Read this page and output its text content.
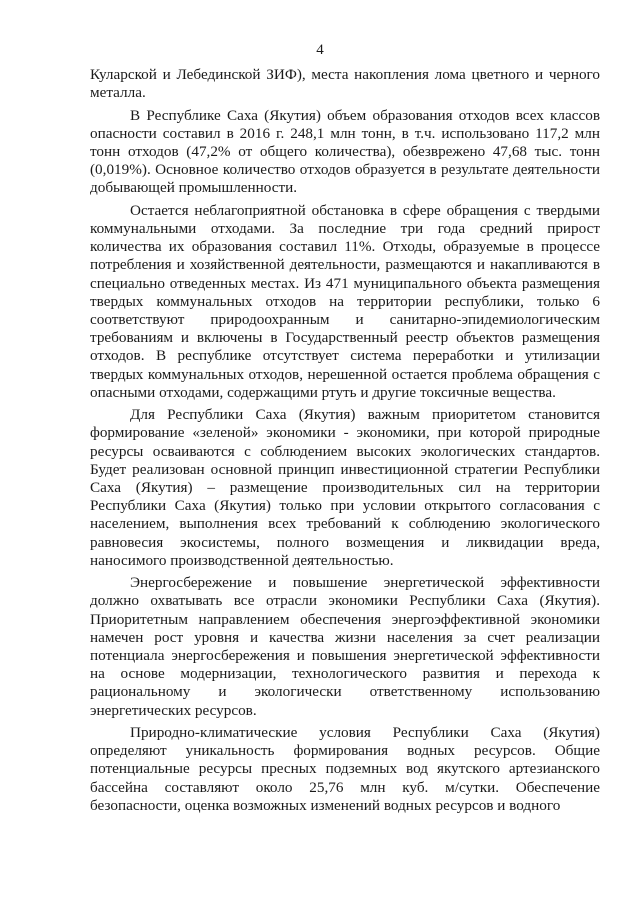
4

Куларской и Лебединской ЗИФ), места накопления лома цветного и черного металла.

В Республике Саха (Якутия) объем образования отходов всех классов опасности составил в 2016 г. 248,1 млн тонн, в т.ч. использовано 117,2 млн тонн отходов (47,2% от общего количества), обезврежено 47,68 тыс. тонн (0,019%). Основное количество отходов образуется в результате деятельности добывающей промышленности.

Остается неблагоприятной обстановка в сфере обращения с твердыми коммунальными отходами. За последние три года средний прирост количества их образования составил 11%. Отходы, образуемые в процессе потребления и хозяйственной деятельности, размещаются и накапливаются в специально отведенных местах. Из 471 муниципального объекта размещения твердых коммунальных отходов на территории республики, только 6 соответствуют природоохранным и санитарно-эпидемиологическим требованиям и включены в Государственный реестр объектов размещения отходов. В республике отсутствует система переработки и утилизации твердых коммунальных отходов, нерешенной остается проблема обращения с опасными отходами, содержащими ртуть и другие токсичные вещества.

Для Республики Саха (Якутия) важным приоритетом становится формирование «зеленой» экономики - экономики, при которой природные ресурсы осваиваются с соблюдением высоких экологических стандартов. Будет реализован основной принцип инвестиционной стратегии Республики Саха (Якутия) – размещение производительных сил на территории Республики Саха (Якутия) только при условии открытого согласования с населением, выполнения всех требований к соблюдению экологического равновесия экосистемы, полного возмещения и ликвидации вреда, наносимого производственной деятельностью.

Энергосбережение и повышение энергетической эффективности должно охватывать все отрасли экономики Республики Саха (Якутия). Приоритетным направлением обеспечения энергоэффективной экономики намечен рост уровня и качества жизни населения за счет реализации потенциала энергосбережения и повышения энергетической эффективности на основе модернизации, технологического развития и перехода к рациональному и экологически ответственному использованию энергетических ресурсов.

Природно-климатические условия Республики Саха (Якутия) определяют уникальность формирования водных ресурсов. Общие потенциальные ресурсы пресных подземных вод якутского артезианского бассейна составляют около 25,76 млн куб. м/сутки. Обеспечение безопасности, оценка возможных изменений водных ресурсов и водного
